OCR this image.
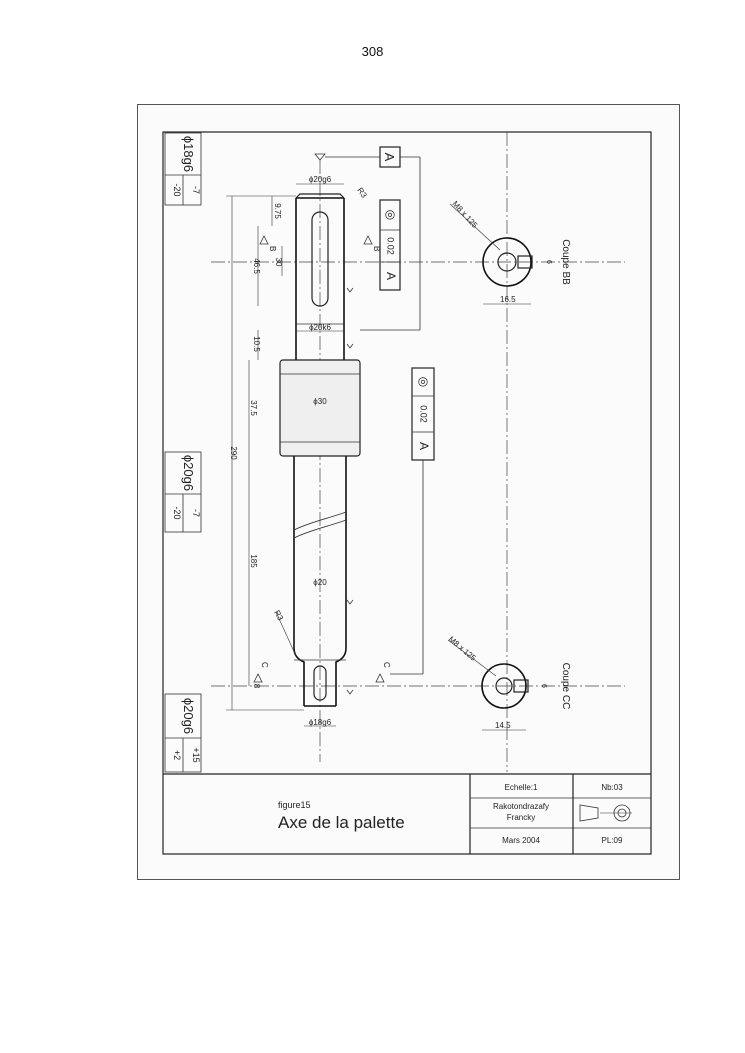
308
ϕ18g6
-7
-20
ϕ20g6
-7
-20
ϕ20g6
+15
+2
290
185
37.5
10.5
46.5
9.75
30
ϕ20g6
ϕ20k6
ϕ30
ϕ20
ϕ18g6
R3
R3
8
B	B
C	C
A
◎
0.02
A
◎
0.02
A
M8 x 125
16.5
6 Coupe BB
M8 x 125
14.5
6 Coupe CC
figure15
Axe de la palette
Echelle:1	Nb:03
Rakotondrazafy
Francky
Mars 2004	PL:09
